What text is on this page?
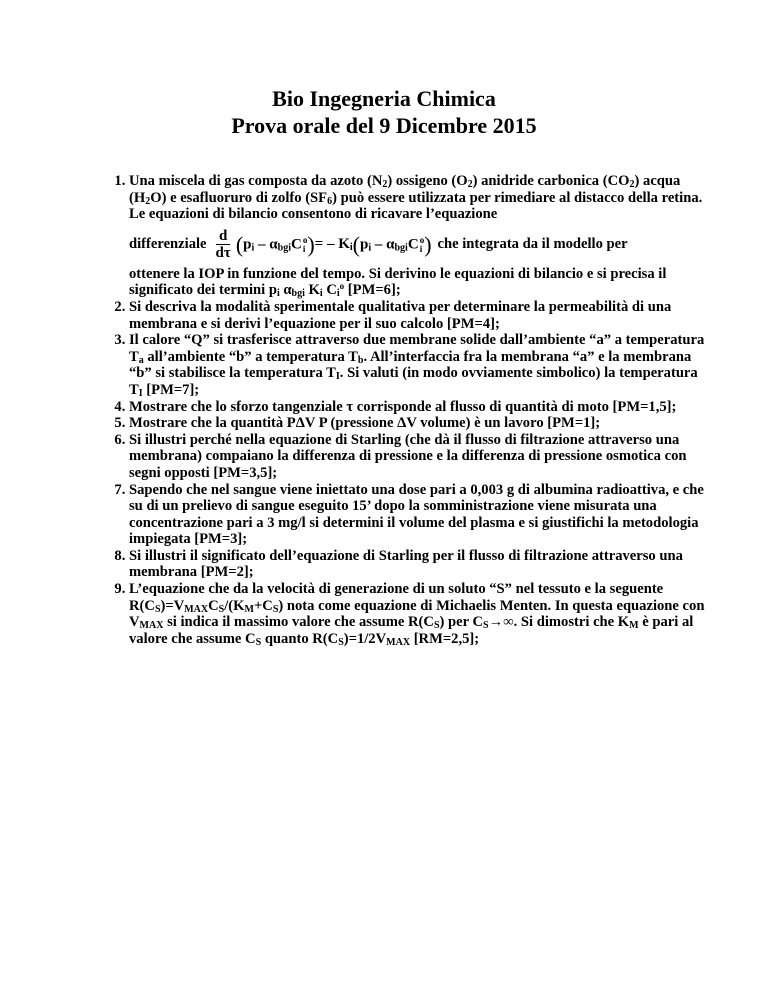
Bio Ingegneria Chimica
Prova orale del 9 Dicembre 2015
1. Una miscela di gas composta da azoto $(N_2)$ ossigeno $(O_2)$ anidride carbonica $(CO_2)$ acqua $(H_2O)$ e esafluoruro di zolfo $(SF_6)$ può essere utilizzata per rimediare al distacco della retina. Le equazioni di bilancio consentono di ricavare l’equazione
differenziale $\frac{d}{d\tau}$ ( $p_i - \alpha_{bgi}C$ o
i ) = – $K_i$ ( $p_i - \alpha_{bgi}C$ o
i ) che integrata da il modello per
ottenere la IOP in funzione del tempo. Si derivino le equazioni di bilancio e si precisa il significato dei termini $p_i$ $\alpha_{bgi}$ $K_i$ $C_i^o$ [PM=6];
2. Si descriva la modalità sperimentale qualitativa per determinare la permeabilità di una membrana e si derivi l’equazione per il suo calcolo [PM=4];
3. Il calore “Q” si trasferisce attraverso due membrane solide dall’ambiente “a” a temperatura $T_a$ all’ambiente “b” a temperatura $T_b$. All’interfaccia fra la membrana “a” e la membrana “b” si stabilisce la temperatura $T_I$. Si valuti (in modo ovviamente simbolico) la temperatura $T_I$ [PM=7];
4. Mostrare che lo sforzo tangenziale τ corrisponde al flusso di quantità di moto [PM=1,5];
5. Mostrare che la quantità PΔV P (pressione ΔV volume) è un lavoro [PM=1];
6. Si illustri perché nella equazione di Starling (che dà il flusso di filtrazione attraverso una membrana) compaiano la differenza di pressione e la differenza di pressione osmotica con segni opposti [PM=3,5];
7. Sapendo che nel sangue viene iniettato una dose pari a 0,003 g di albumina radioattiva, e che su di un prelievo di sangue eseguito 15’ dopo la somministrazione viene misurata una concentrazione pari a 3 mg/l si determini il volume del plasma e si giustifichi la metodologia impiegata [PM=3];
8. Si illustri il significato dell’equazione di Starling per il flusso di filtrazione attraverso una membrana [PM=2];
9. L’equazione che da la velocità di generazione di un soluto “S” nel tessuto e la seguente $R(C_S)=V_{MAX}C_S/(K_M+C_S)$ nota come equazione di Michaelis Menten. In questa equazione con $V_{MAX}$ si indica il massimo valore che assume $R(C_S)$ per $C_S\to\infty$. Si dimostri che $K_M$ è pari al valore che assume $C_S$ quanto $R(C_S)=1/2V_{MAX}$ [RM=2,5];
